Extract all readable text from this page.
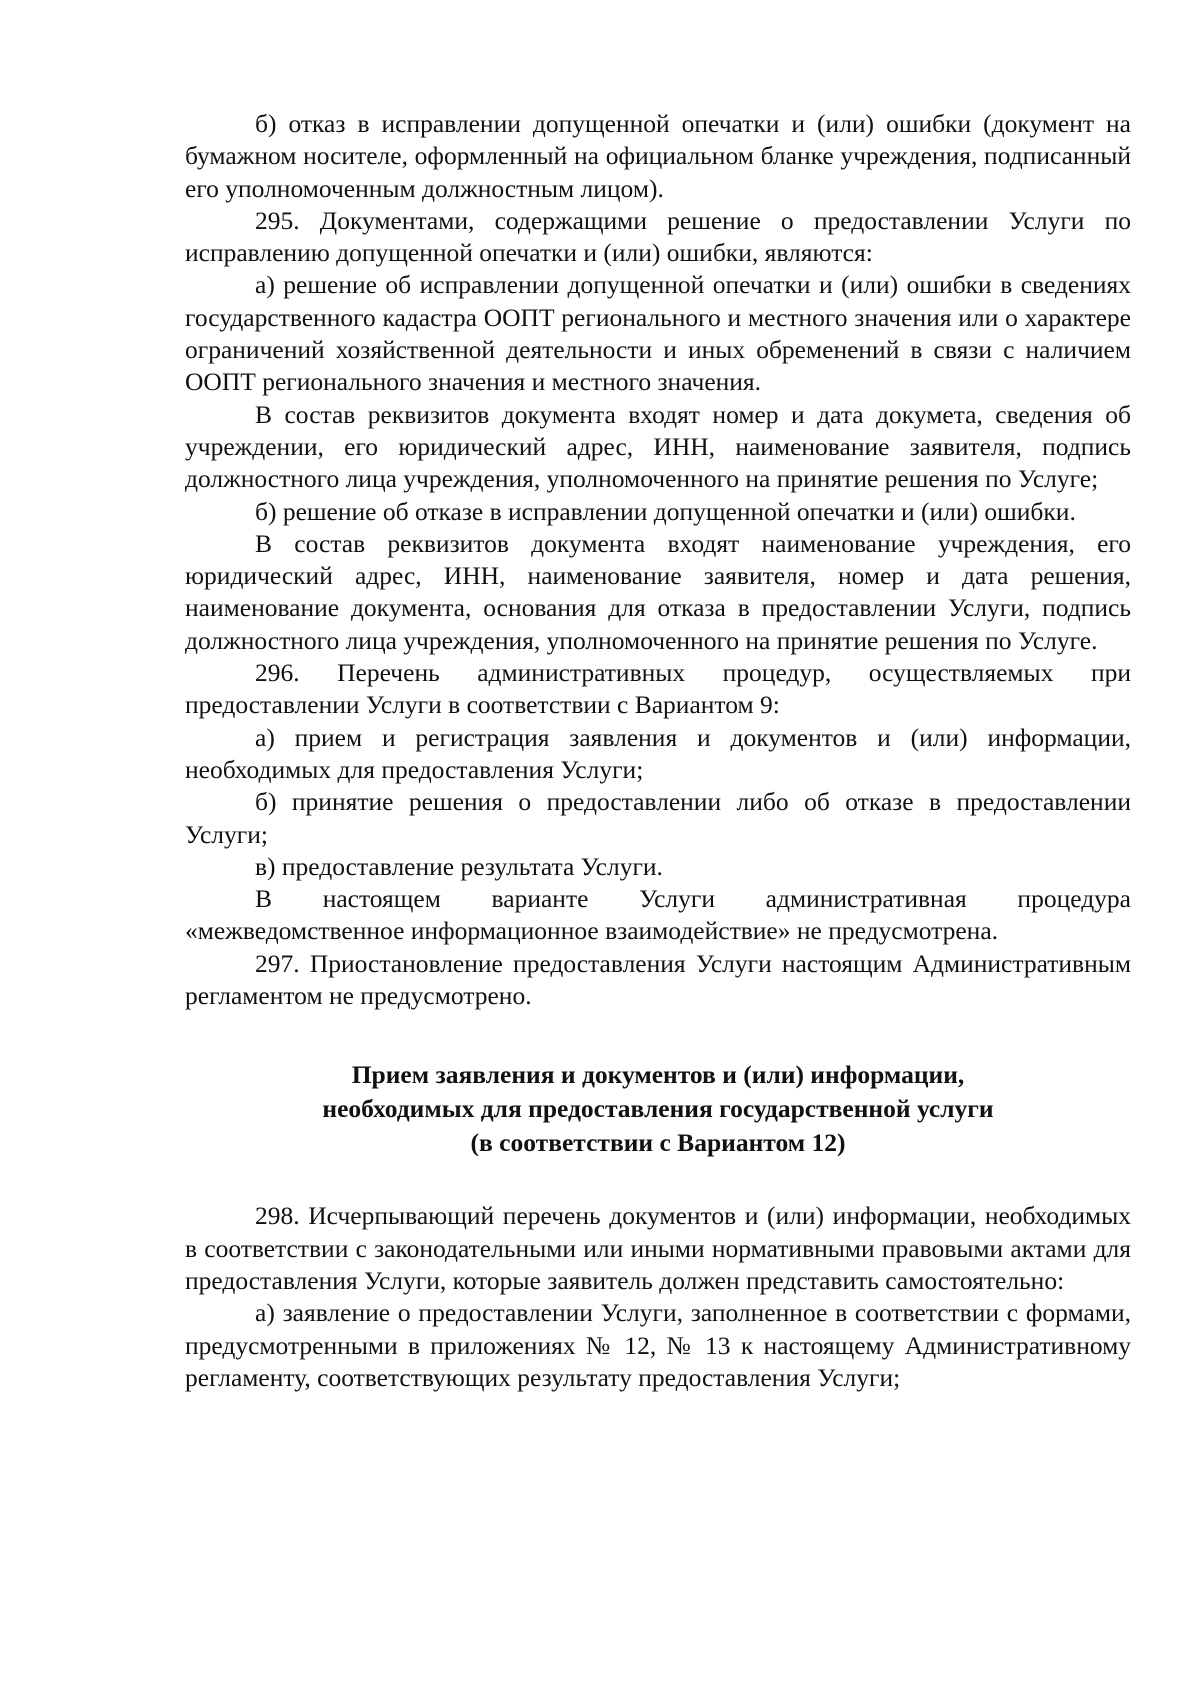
б) отказ в исправлении допущенной опечатки и (или) ошибки (документ на бумажном носителе, оформленный на официальном бланке учреждения, подписанный его уполномоченным должностным лицом).

295. Документами, содержащими решение о предоставлении Услуги по исправлению допущенной опечатки и (или) ошибки, являются:

а) решение об исправлении допущенной опечатки и (или) ошибки в сведениях государственного кадастра ООПТ регионального и местного значения или о характере ограничений хозяйственной деятельности и иных обременений в связи с наличием ООПТ регионального значения и местного значения.

В состав реквизитов документа входят номер и дата докумета, сведения об учреждении, его юридический адрес, ИНН, наименование заявителя, подпись должностного лица учреждения, уполномоченного на принятие решения по Услуге;

б) решение об отказе в исправлении допущенной опечатки и (или) ошибки.

В состав реквизитов документа входят наименование учреждения, его юридический адрес, ИНН, наименование заявителя, номер и дата решения, наименование документа, основания для отказа в предоставлении Услуги, подпись должностного лица учреждения, уполномоченного на принятие решения по Услуге.

296. Перечень административных процедур, осуществляемых при предоставлении Услуги в соответствии с Вариантом 9:

а) прием и регистрация заявления и документов и (или) информации, необходимых для предоставления Услуги;

б) принятие решения о предоставлении либо об отказе в предоставлении Услуги;

в) предоставление результата Услуги.

В настоящем варианте Услуги административная процедура «межведомственное информационное взаимодействие» не предусмотрена.

297. Приостановление предоставления Услуги настоящим Административным регламентом не предусмотрено.

Прием заявления и документов и (или) информации,
необходимых для предоставления государственной услуги
(в соответствии с Вариантом 12)

298. Исчерпывающий перечень документов и (или) информации, необходимых в соответствии с законодательными или иными нормативными правовыми актами для предоставления Услуги, которые заявитель должен представить самостоятельно:

а) заявление о предоставлении Услуги, заполненное в соответствии с формами, предусмотренными в приложениях № 12, № 13 к настоящему Административному регламенту, соответствующих результату предоставления Услуги;
